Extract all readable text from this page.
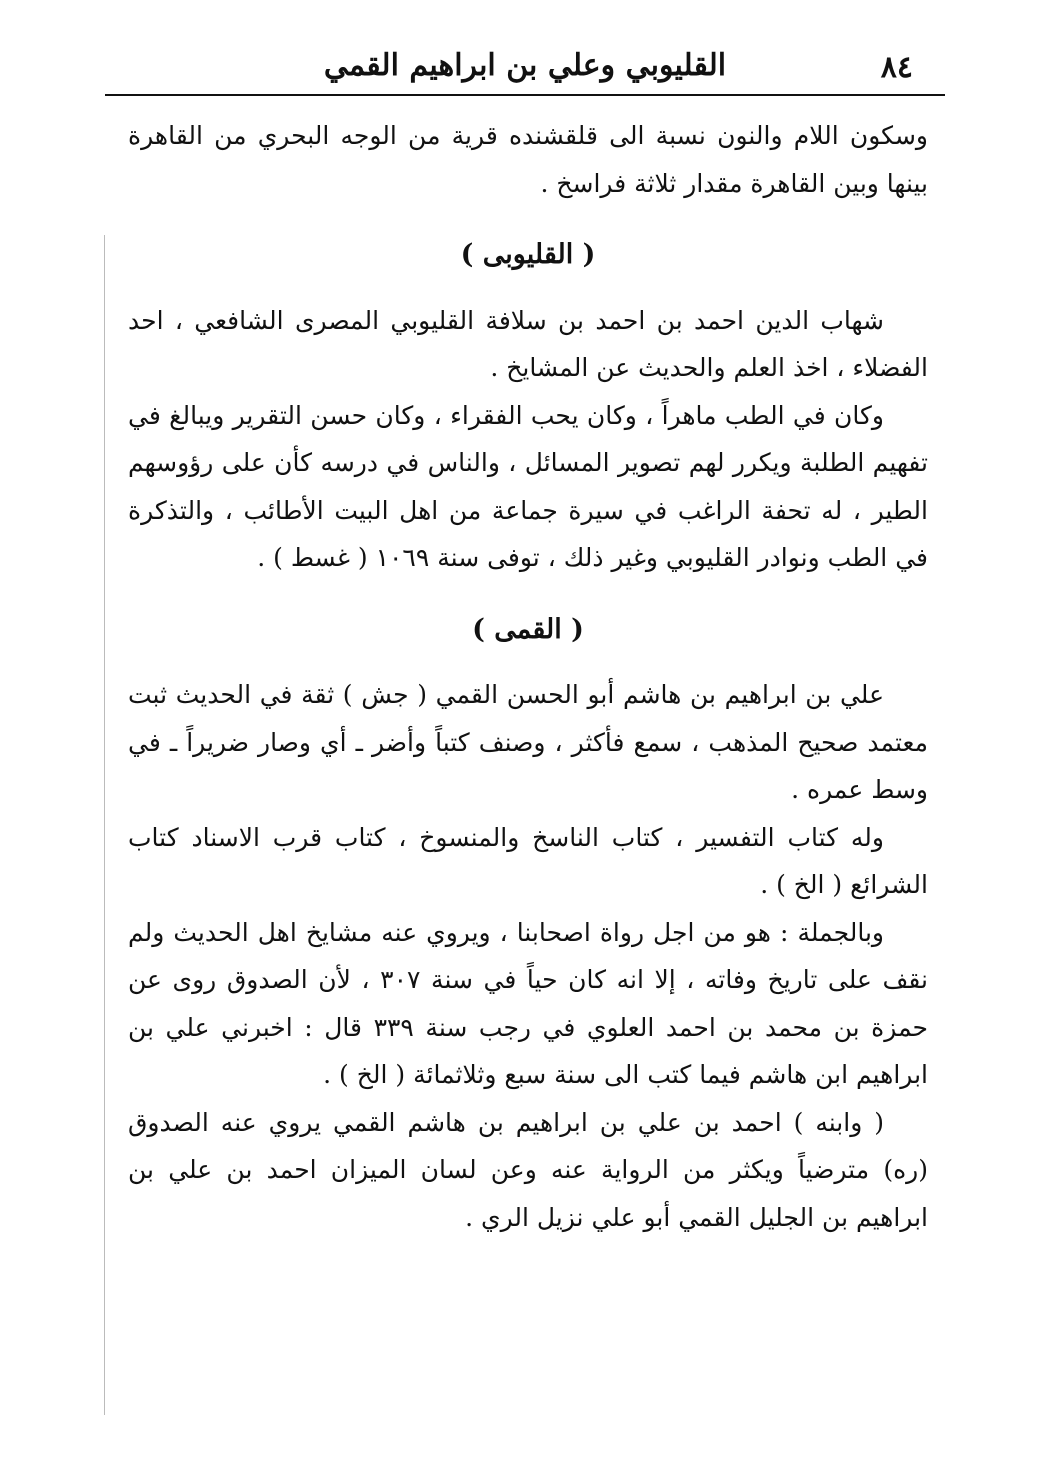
٨٤
القليوبي وعلي بن ابراهيم القمي

وسكون اللام والنون نسبة الى قلقشنده قرية من الوجه البحري من القاهرة بينها وبين القاهرة مقدار ثلاثة فراسخ .

( القليوبى )

شهاب الدين احمد بن احمد بن سلافة القليوبي المصرى الشافعي ، احد الفضلاء ، اخذ العلم والحديث عن المشايخ .

وكان في الطب ماهراً ، وكان يحب الفقراء ، وكان حسن التقرير ويبالغ في تفهيم الطلبة ويكرر لهم تصوير المسائل ، والناس في درسه كأن على رؤوسهم الطير ، له تحفة الراغب في سيرة جماعة من اهل البيت الأطائب ، والتذكرة في الطب ونوادر القليوبي وغير ذلك ، توفى سنة ١٠٦٩ ( غسط ) .

( القمى )

علي بن ابراهيم بن هاشم أبو الحسن القمي ( جش ) ثقة في الحديث ثبت معتمد صحيح المذهب ، سمع فأكثر ، وصنف كتباً وأضر ـ أي وصار ضريراً ـ في وسط عمره .

وله كتاب التفسير ، كتاب الناسخ والمنسوخ ، كتاب قرب الاسناد كتاب الشرائع ( الخ ) .

وبالجملة : هو من اجل رواة اصحابنا ، ويروي عنه مشايخ اهل الحديث ولم نقف على تاريخ وفاته ، إلا انه كان حياً في سنة ٣٠٧ ، لأن الصدوق روى عن حمزة بن محمد بن احمد العلوي في رجب سنة ٣٣٩ قال : اخبرني علي بن ابراهيم ابن هاشم فيما كتب الى سنة سبع وثلاثمائة ( الخ ) .

( وابنه ) احمد بن علي بن ابراهيم بن هاشم القمي يروي عنه الصدوق (ره) مترضياً ويكثر من الرواية عنه وعن لسان الميزان احمد بن علي بن ابراهيم بن الجليل القمي أبو علي نزيل الري .
